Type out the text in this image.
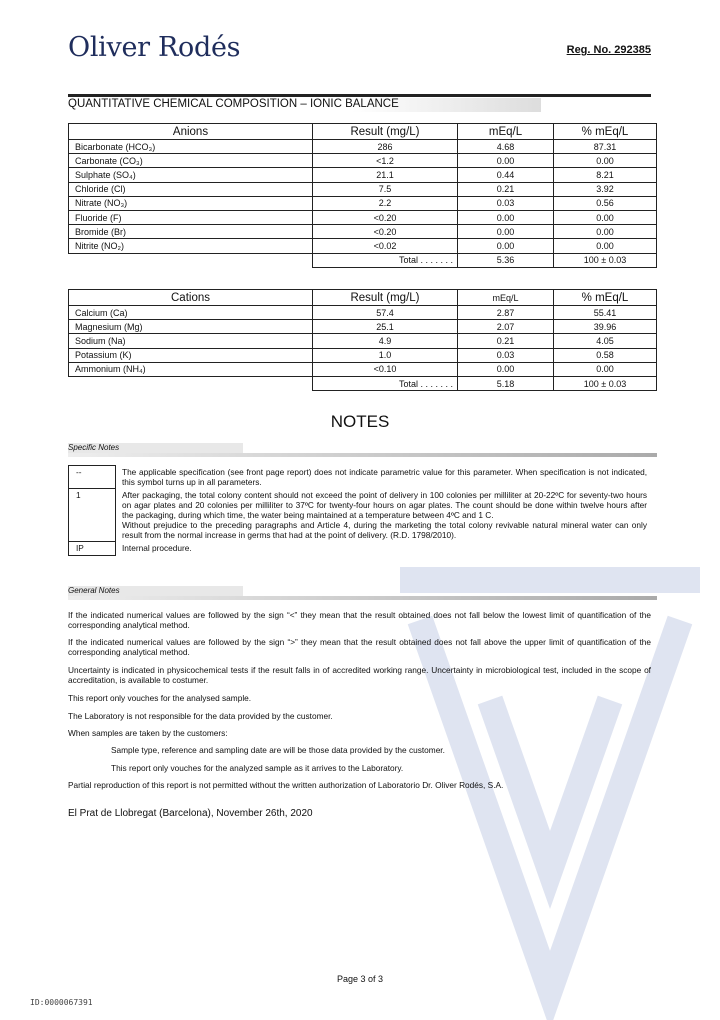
Oliver Rodés	Reg. No. 292385
QUANTITATIVE CHEMICAL COMPOSITION – IONIC BALANCE
Anions	Result (mg/L)	mEq/L	% mEq/L
Bicarbonate (HCO₃)	286	4.68	87.31
Carbonate (CO₃)	<1.2	0.00	0.00
Sulphate (SO₄)	21.1	0.44	8.21
Chloride (Cl)	7.5	0.21	3.92
Nitrate (NO₃)	2.2	0.03	0.56
Fluoride (F)	<0.20	0.00	0.00
Bromide (Br)	<0.20	0.00	0.00
Nitrite (NO₂)	<0.02	0.00	0.00
	Total . . . . . . .	5.36	100 ± 0.03
Cations	Result (mg/L)	mEq/L	% mEq/L
Calcium (Ca)	57.4	2.87	55.41
Magnesium (Mg)	25.1	2.07	39.96
Sodium (Na)	4.9	0.21	4.05
Potassium (K)	1.0	0.03	0.58
Ammonium (NH₄)	<0.10	0.00	0.00
	Total . . . . . . .	5.18	100 ± 0.03
NOTES
Specific Notes
--	The applicable specification (see front page report) does not indicate parametric value for this parameter. When specification is not indicated, this symbol turns up in all parameters.
1	After packaging, the total colony content should not exceed the point of delivery in 100 colonies per milliliter at 20-22ºC for seventy-two hours on agar plates and 20 colonies per milliliter to 37ºC for twenty-four hours on agar plates. The count should be done within twelve hours after the packaging, during which time, the water being maintained at a temperature between 4ºC and 1 C.
Without prejudice to the preceding paragraphs and Article 4, during the marketing the total colony revivable natural mineral water can only result from the normal increase in germs that had at the point of delivery. (R.D. 1798/2010).

IP	Internal procedure.
General Notes
If the indicated numerical values are followed by the sign “<” they mean that the result obtained does not fall below the lowest limit of quantification of the corresponding analytical method.
If the indicated numerical values are followed by the sign “>” they mean that the result obtained does not fall above the upper limit of quantification of the corresponding analytical method.
Uncertainty is indicated in physicochemical tests if the result falls in of accredited working range. Uncertainty in microbiological test, included in the scope of accreditation, is available to costumer.
This report only vouches for the analysed sample.
The Laboratory is not responsible for the data provided by the customer.
When samples are taken by the customers:
Sample type, reference and sampling date are will be those data provided by the customer.
This report only vouches for the analyzed sample as it arrives to the Laboratory.
Partial reproduction of this report is not permitted without the written authorization of Laboratorio Dr. Oliver Rodés, S.A.
El Prat de Llobregat (Barcelona), November 26th, 2020
Page 3 of 3
ID:0000067391
